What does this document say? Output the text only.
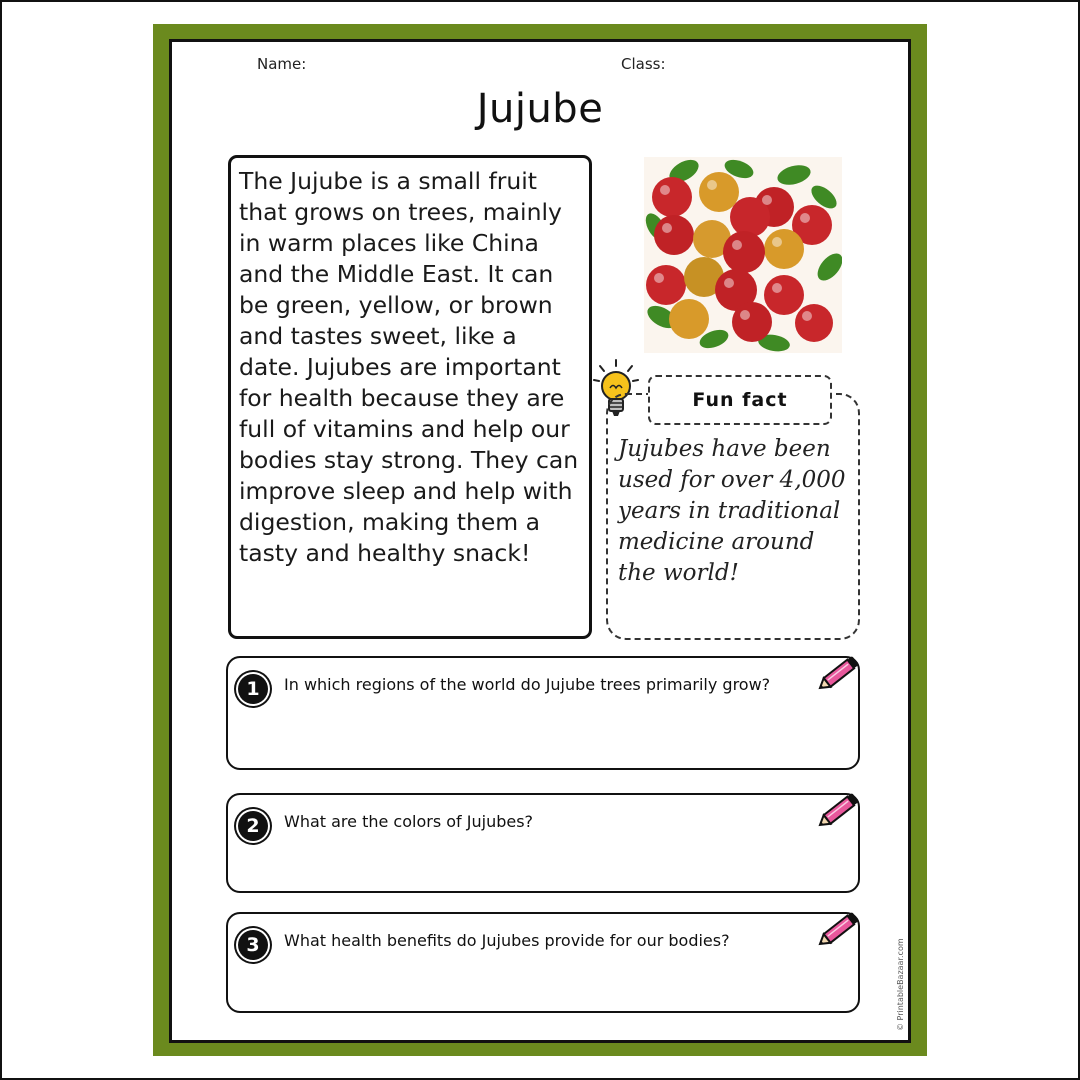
Name:	Class:
Jujube

The Jujube is a small fruit that grows on trees, mainly in warm places like China and the Middle East. It can be green, yellow, or brown and tastes sweet, like a date. Jujubes are important for health because they are full of vitamins and help our bodies stay strong. They can improve sleep and help with digestion, making them a tasty and healthy snack!

Fun fact

Jujubes have been used for over 4,000 years in traditional medicine around the world!

1	In which regions of the world do Jujube trees primarily grow?
2	What are the colors of Jujubes?
3	What health benefits do Jujubes provide for our bodies?	© PrintableBazaar.com
